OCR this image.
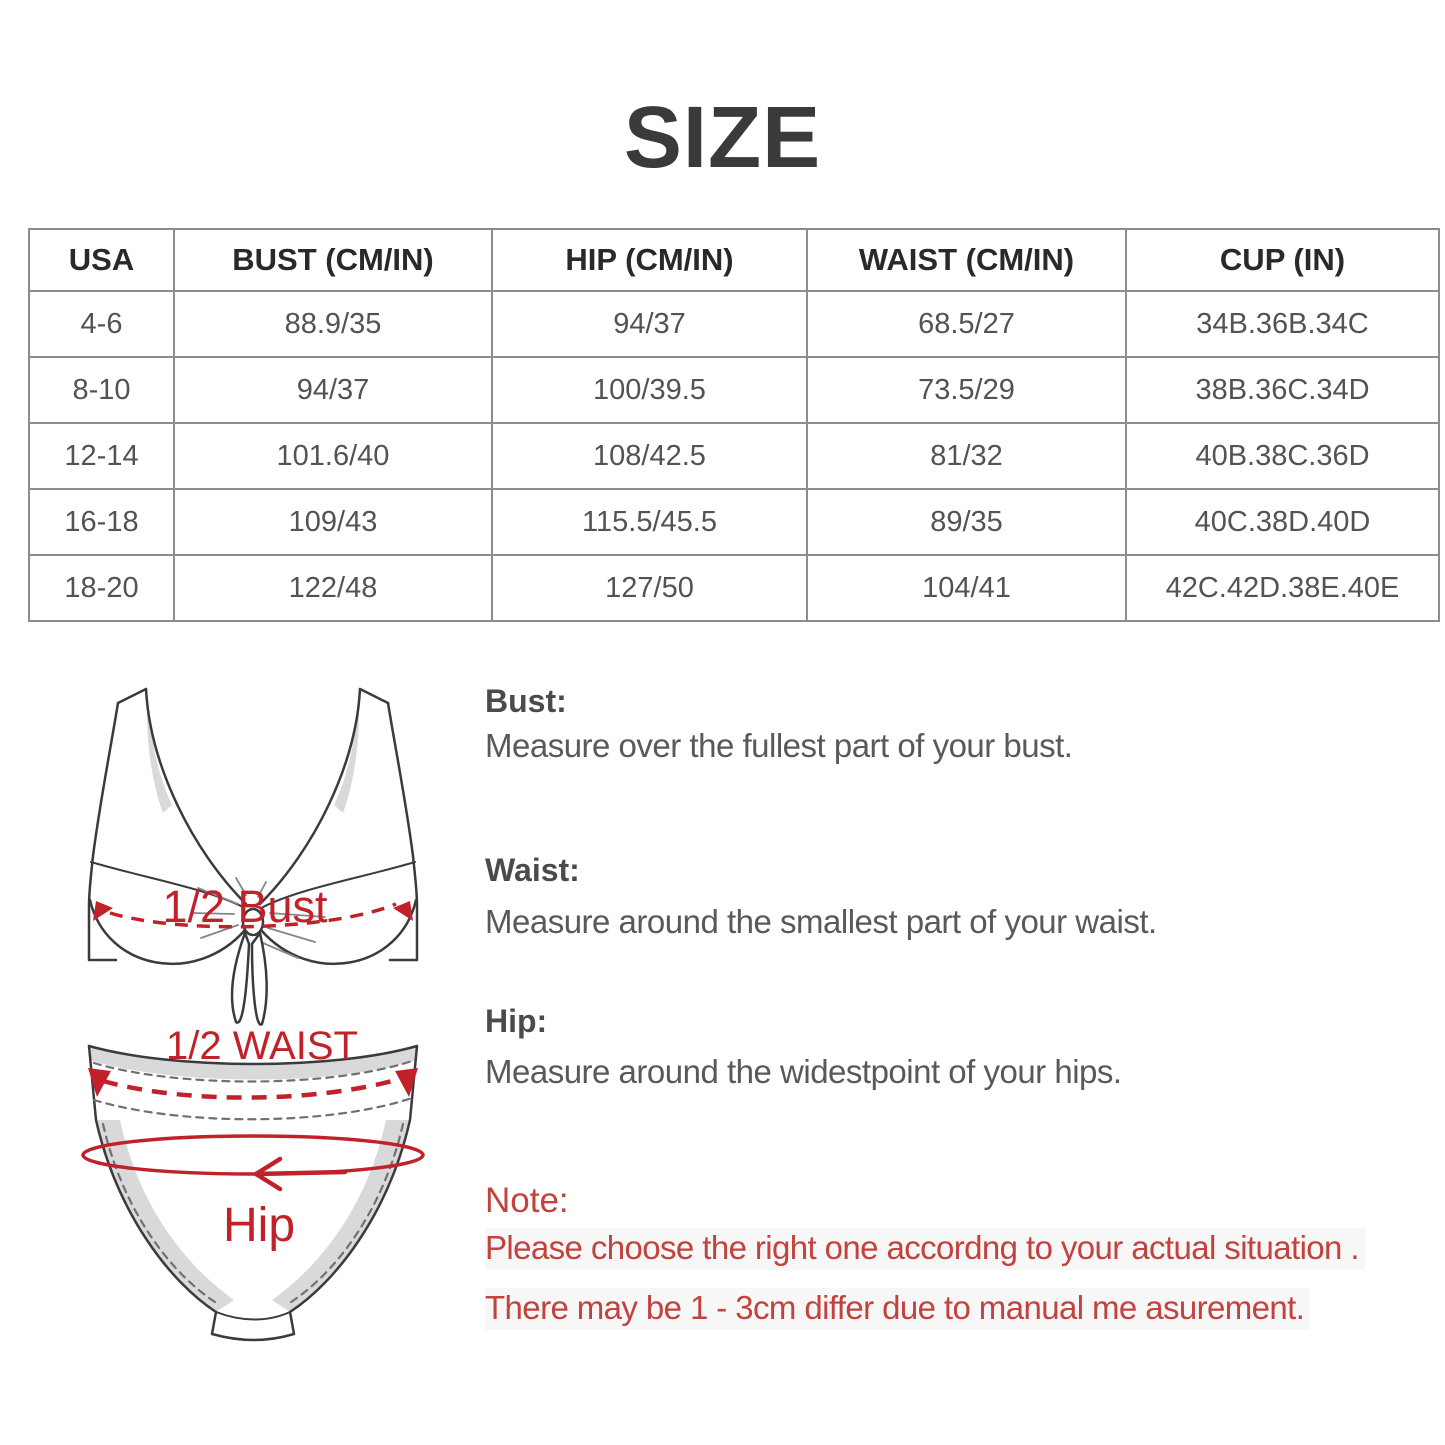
SIZE
USA	BUST (CM/IN)	HIP (CM/IN)	WAIST (CM/IN)	CUP (IN)
4-6	88.9/35	94/37	68.5/27	34B.36B.34C
8-10	94/37	100/39.5	73.5/29	38B.36C.34D
12-14	101.6/40	108/42.5	81/32	40B.38C.36D
16-18	109/43	115.5/45.5	89/35	40C.38D.40D
18-20	122/48	127/50	104/41	42C.42D.38E.40E
1/2 Bust
1/2 WAIST
Hip
Bust:
Measure over the fullest part of your bust.
Waist:
Measure around the smallest part of your waist.
Hip:
Measure around the widestpoint of your hips.
Note:
Please choose the right one accordng to your actual situation .
There may be 1 - 3cm differ due to manual me asurement.
